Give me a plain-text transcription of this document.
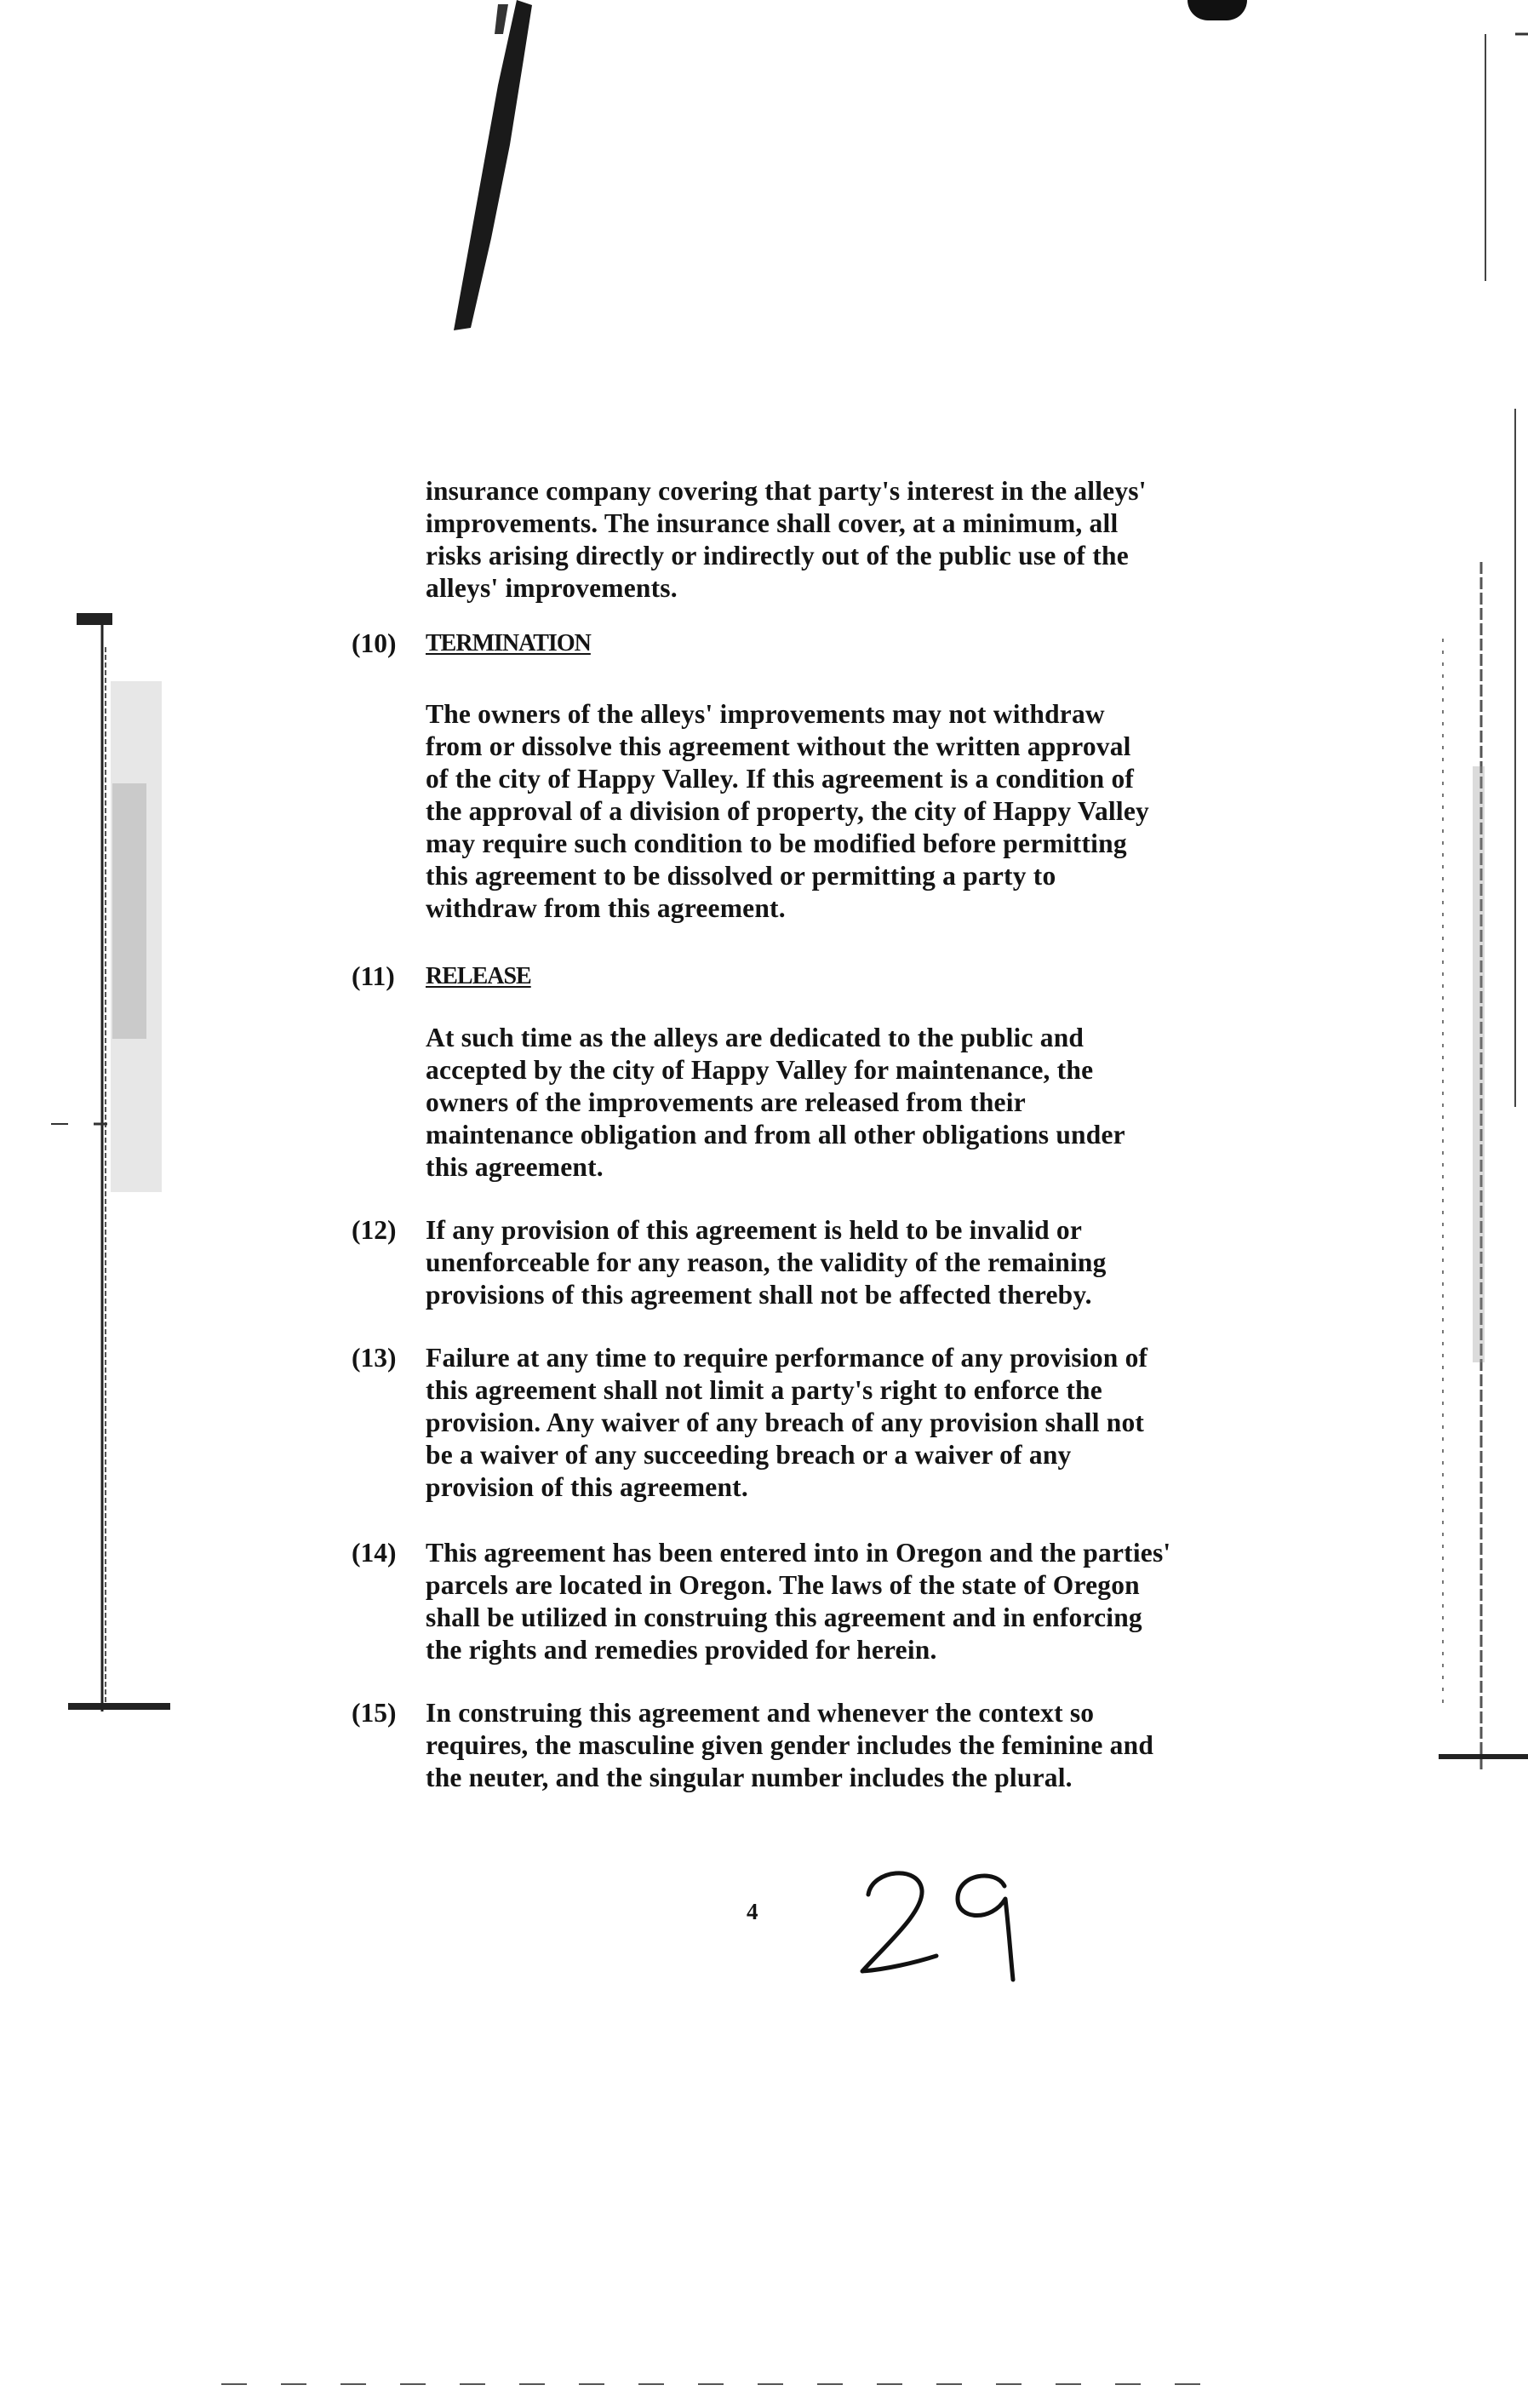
insurance company covering that party's interest in the alleys'
improvements. The insurance shall cover, at a minimum, all
risks arising directly or indirectly out of the public use of the
alleys' improvements.

(10) TERMINATION

The owners of the alleys' improvements may not withdraw
from or dissolve this agreement without the written approval
of the city of Happy Valley. If this agreement is a condition of
the approval of a division of property, the city of Happy Valley
may require such condition to be modified before permitting
this agreement to be dissolved or permitting a party to
withdraw from this agreement.

(11) RELEASE

At such time as the alleys are dedicated to the public and
accepted by the city of Happy Valley for maintenance, the
owners of the improvements are released from their
maintenance obligation and from all other obligations under
this agreement.

(12) If any provision of this agreement is held to be invalid or
unenforceable for any reason, the validity of the remaining
provisions of this agreement shall not be affected thereby.

(13) Failure at any time to require performance of any provision of
this agreement shall not limit a party's right to enforce the
provision. Any waiver of any breach of any provision shall not
be a waiver of any succeeding breach or a waiver of any
provision of this agreement.

(14) This agreement has been entered into in Oregon and the parties'
parcels are located in Oregon. The laws of the state of Oregon
shall be utilized in construing this agreement and in enforcing
the rights and remedies provided for herein.

(15) In construing this agreement and whenever the context so
requires, the masculine given gender includes the feminine and
the neuter, and the singular number includes the plural.

4
